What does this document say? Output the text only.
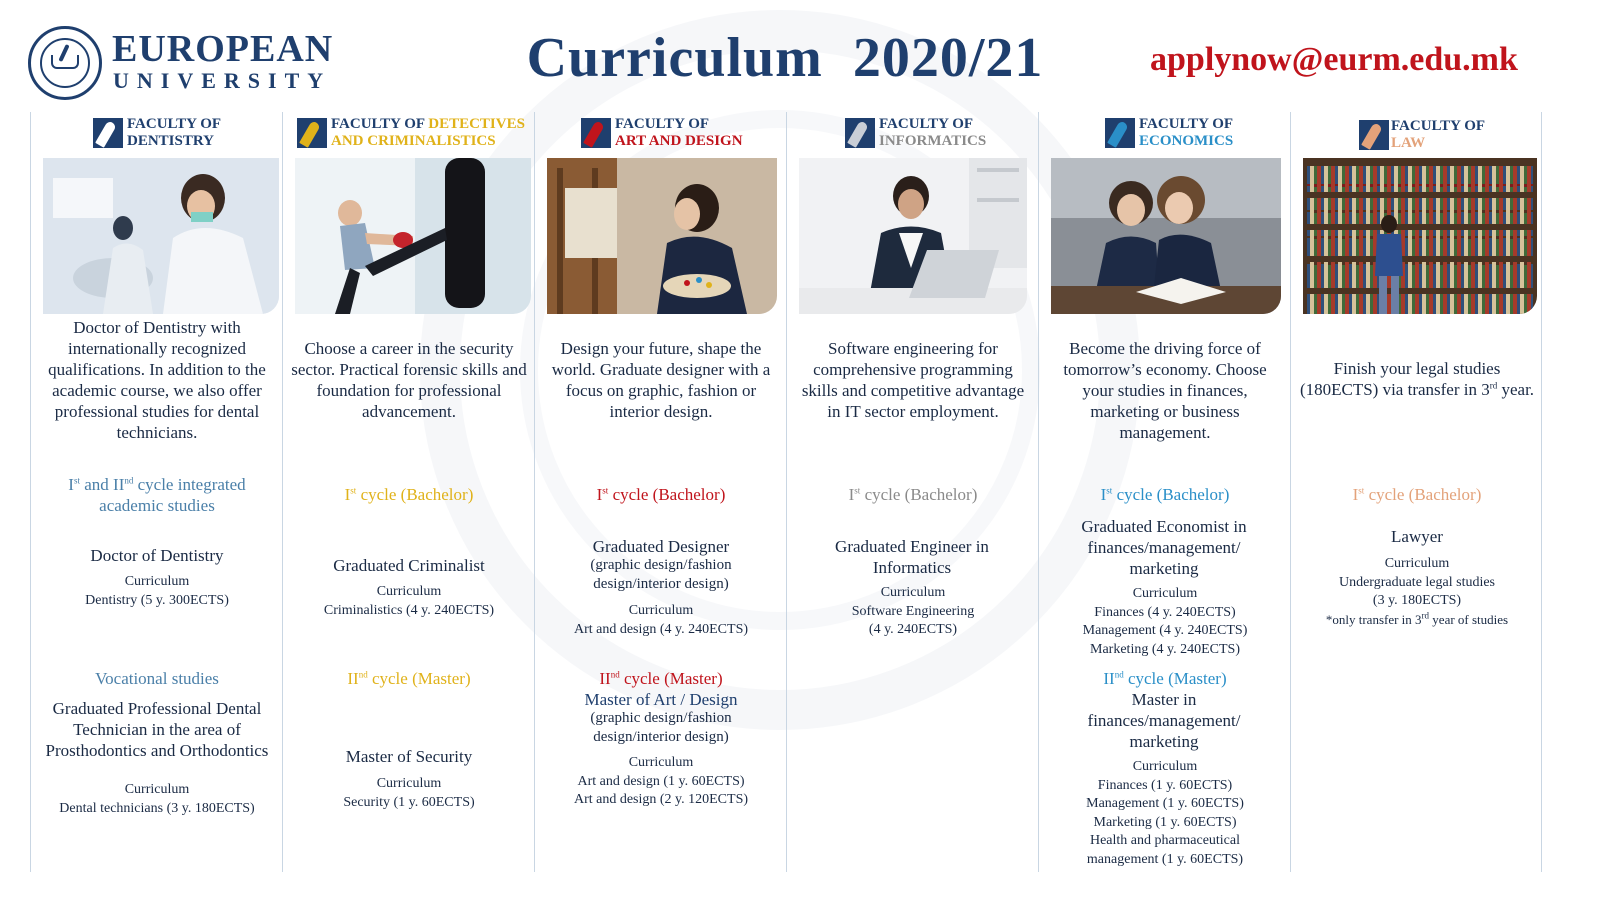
EUROPEAN
UNIVERSITY	Curriculum  2020/21	applynow@eurm.edu.mk
FACULTY OF
DENTISTRY
Doctor of Dentistry with internationally recognized qualifications. In addition to the academic course, we also offer professional studies for dental technicians.
Ist and IInd cycle integrated academic studies
Doctor of Dentistry
Curriculum
Dentistry (5 y. 300ECTS)
Vocational studies
Graduated Professional Dental Technician in the area of Prosthodontics and Orthodontics
Curriculum
Dental technicians (3 y. 180ECTS)
FACULTY OF DETECTIVES
AND CRIMINALISTICS
Choose a career in the security sector. Practical forensic skills and foundation for professional advancement.
Ist cycle (Bachelor)
Graduated Criminalist
Curriculum
Criminalistics (4 y. 240ECTS)
IInd cycle (Master)
Master of Security
Curriculum
Security (1 y. 60ECTS)
FACULTY OF
ART AND DESIGN
Design your future, shape the world. Graduate designer with a focus on graphic, fashion or interior design.
Ist cycle (Bachelor)
Graduated Designer
(graphic design/fashion design/interior design)
Curriculum
Art and design (4 y. 240ECTS)
IInd cycle (Master)
Master of Art / Design
(graphic design/fashion design/interior design)
Curriculum
Art and design (1 y. 60ECTS)
Art and design (2 y. 120ECTS)
FACULTY OF
INFORMATICS
Software engineering for comprehensive programming skills and competitive advantage in IT sector employment.
Ist cycle (Bachelor)
Graduated Engineer in Informatics
Curriculum
Software Engineering
(4 y. 240ECTS)
FACULTY OF
ECONOMICS
Become the driving force of tomorrow’s economy. Choose your studies in finances, marketing or business management.
Ist cycle (Bachelor)
Graduated Economist in finances/management/ marketing
Curriculum
Finances (4 y. 240ECTS)
Management (4 y. 240ECTS)
Marketing (4 y. 240ECTS)
IInd cycle (Master)
Master in finances/management/ marketing
Curriculum
Finances (1 y. 60ECTS)
Management (1 y. 60ECTS)
Marketing (1 y. 60ECTS)
Health and pharmaceutical
management (1 y. 60ECTS)
FACULTY OF
LAW
Finish your legal studies (180ECTS) via transfer in 3rd year.
Ist cycle (Bachelor)
Lawyer
Curriculum
Undergraduate legal studies
(3 y. 180ECTS)
*only transfer in 3rd year of studies
